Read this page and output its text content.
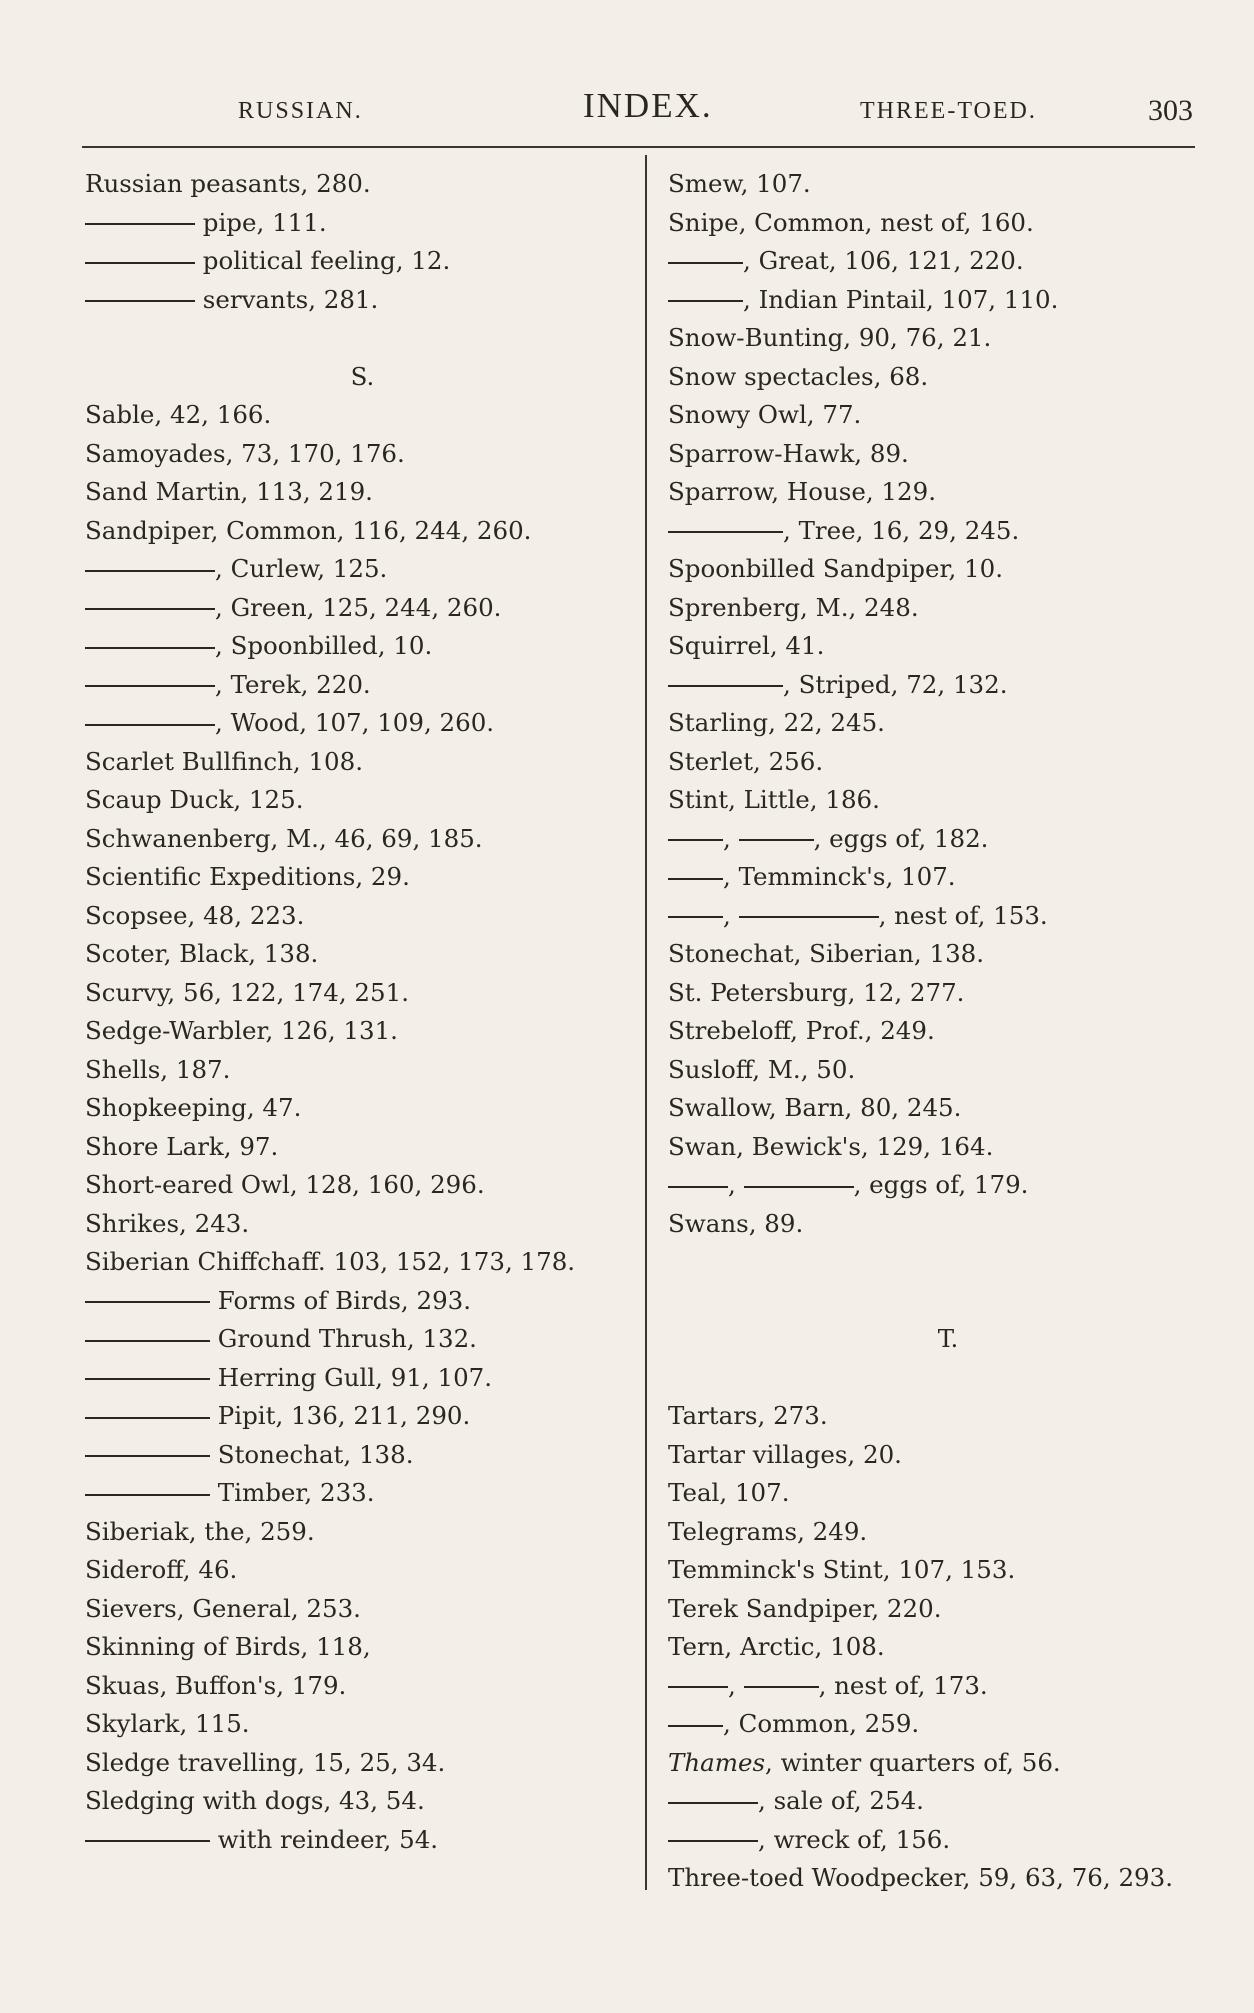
RUSSIAN.	INDEX.	THREE-TOED.	303
Russian peasants, 280.
pipe, 111.
political feeling, 12.
servants, 281.
S.
Sable, 42, 166.
Samoyades, 73, 170, 176.
Sand Martin, 113, 219.
Sandpiper, Common, 116, 244, 260.
, Curlew, 125.
, Green, 125, 244, 260.
, Spoonbilled, 10.
, Terek, 220.
, Wood, 107, 109, 260.
Scarlet Bullfinch, 108.
Scaup Duck, 125.
Schwanenberg, M., 46, 69, 185.
Scientific Expeditions, 29.
Scopsee, 48, 223.
Scoter, Black, 138.
Scurvy, 56, 122, 174, 251.
Sedge-Warbler, 126, 131.
Shells, 187.
Shopkeeping, 47.
Shore Lark, 97.
Short-eared Owl, 128, 160, 296.
Shrikes, 243.
Siberian Chiffchaff. 103, 152, 173, 178.
Forms of Birds, 293.
Ground Thrush, 132.
Herring Gull, 91, 107.
Pipit, 136, 211, 290.
Stonechat, 138.
Timber, 233.
Siberiak, the, 259.
Sideroff, 46.
Sievers, General, 253.
Skinning of Birds, 118,
Skuas, Buffon's, 179.
Skylark, 115.
Sledge travelling, 15, 25, 34.
Sledging with dogs, 43, 54.
with reindeer, 54.
Smew, 107.
Snipe, Common, nest of, 160.
, Great, 106, 121, 220.
, Indian Pintail, 107, 110.
Snow-Bunting, 90, 76, 21.
Snow spectacles, 68.
Snowy Owl, 77.
Sparrow-Hawk, 89.
Sparrow, House, 129.
, Tree, 16, 29, 245.
Spoonbilled Sandpiper, 10.
Sprenberg, M., 248.
Squirrel, 41.
, Striped, 72, 132.
Starling, 22, 245.
Sterlet, 256.
Stint, Little, 186.
,	, eggs of, 182.
, Temminck's, 107.
,	, nest of, 153.
Stonechat, Siberian, 138.
St. Petersburg, 12, 277.
Strebeloff, Prof., 249.
Susloff, M., 50.
Swallow, Barn, 80, 245.
Swan, Bewick's, 129, 164.
,	, eggs of, 179.
Swans, 89.
T.
Tartars, 273.
Tartar villages, 20.
Teal, 107.
Telegrams, 249.
Temminck's Stint, 107, 153.
Terek Sandpiper, 220.
Tern, Arctic, 108.
,	, nest of, 173.
, Common, 259.
Thames, winter quarters of, 56.
, sale of, 254.
, wreck of, 156.
Three-toed Woodpecker, 59, 63, 76, 293.
